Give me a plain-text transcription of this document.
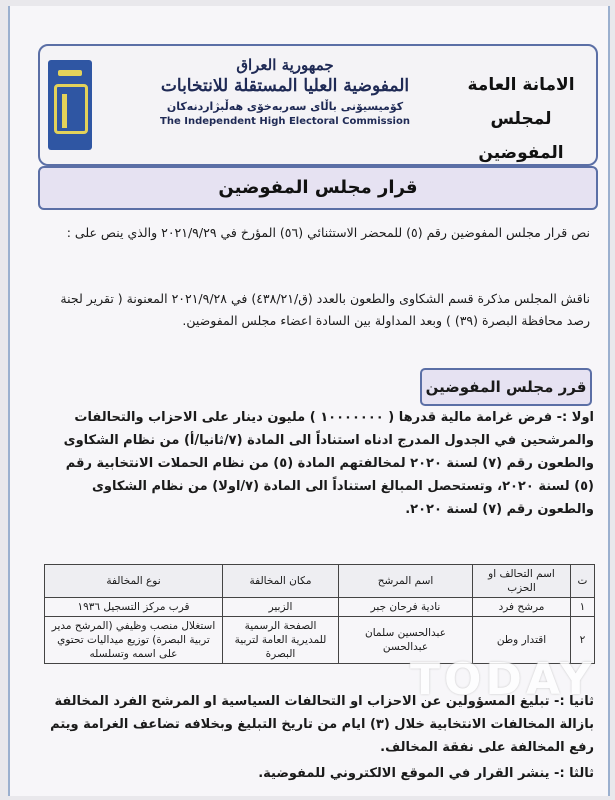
جمهورية العراق
المفوضية العليا المستقلة للانتخابات
كۆمیسیۆنی باڵای سەربەخۆی هەڵبژاردنەكان
The Independent High Electoral Commission
الامانة العامة
لمجلس المفوضين
قرار مجلس المفوضين
نص قرار مجلس المفوضين رقم (٥) للمحضر الاستثنائي (٥٦) المؤرخ في ٢٠٢١/٩/٢٩ والذي ينص على :
ناقش المجلس مذكرة قسم الشكاوى والطعون بالعدد (ق/٤٣٨/٢١) في ٢٠٢١/٩/٢٨ المعنونة ( تقرير لجنة رصد محافظة البصرة (٣٩) ) وبعد المداولة بين السادة اعضاء مجلس المفوضين.
قرر مجلس المفوضين
اولا :- فرض غرامة مالية قدرها ( ١٠٠٠٠٠٠٠ ) مليون دينار على الاحزاب والتحالفات والمرشحين في الجدول المدرج ادناه استناداً الى المادة (٧/ثانيا/أ) من نظام الشكاوى والطعون رقم (٧) لسنة ٢٠٢٠ لمخالفتهم المادة (٥) من نظام الحملات الانتخابية رقم (٥) لسنة ٢٠٢٠، وتستحصل المبالغ استناداً الى المادة (٧/اولا) من نظام الشكاوى والطعون رقم (٧) لسنة ٢٠٢٠.
ت	اسم التحالف او الحزب	اسم المرشح	مكان المخالفة	نوع المخالفة
١	مرشح فرد	نادية فرحان جبر	الزبير	قرب مركز التسجيل ١٩٣٦
٢	اقتدار وطن	عبدالحسين سلمان عبدالحسن	الصفحة الرسمية للمديرية العامة لتربية البصرة	استغلال منصب وظيفي (المرشح مدير تربية البصرة) توزيع ميداليات تحتوي على اسمه وتسلسله	TODAY
ثانيا :- تبليغ المسؤولين عن الاحزاب او التحالفات السياسية او المرشح الفرد المخالفة بازالة المخالفات الانتخابية خلال (٣) ايام من تاريخ التبليغ وبخلافه تضاعف الغرامة ويتم رفع المخالفة على نفقة المخالف.
ثالثا :- ينشر القرار في الموقع الالكتروني للمفوضية.
